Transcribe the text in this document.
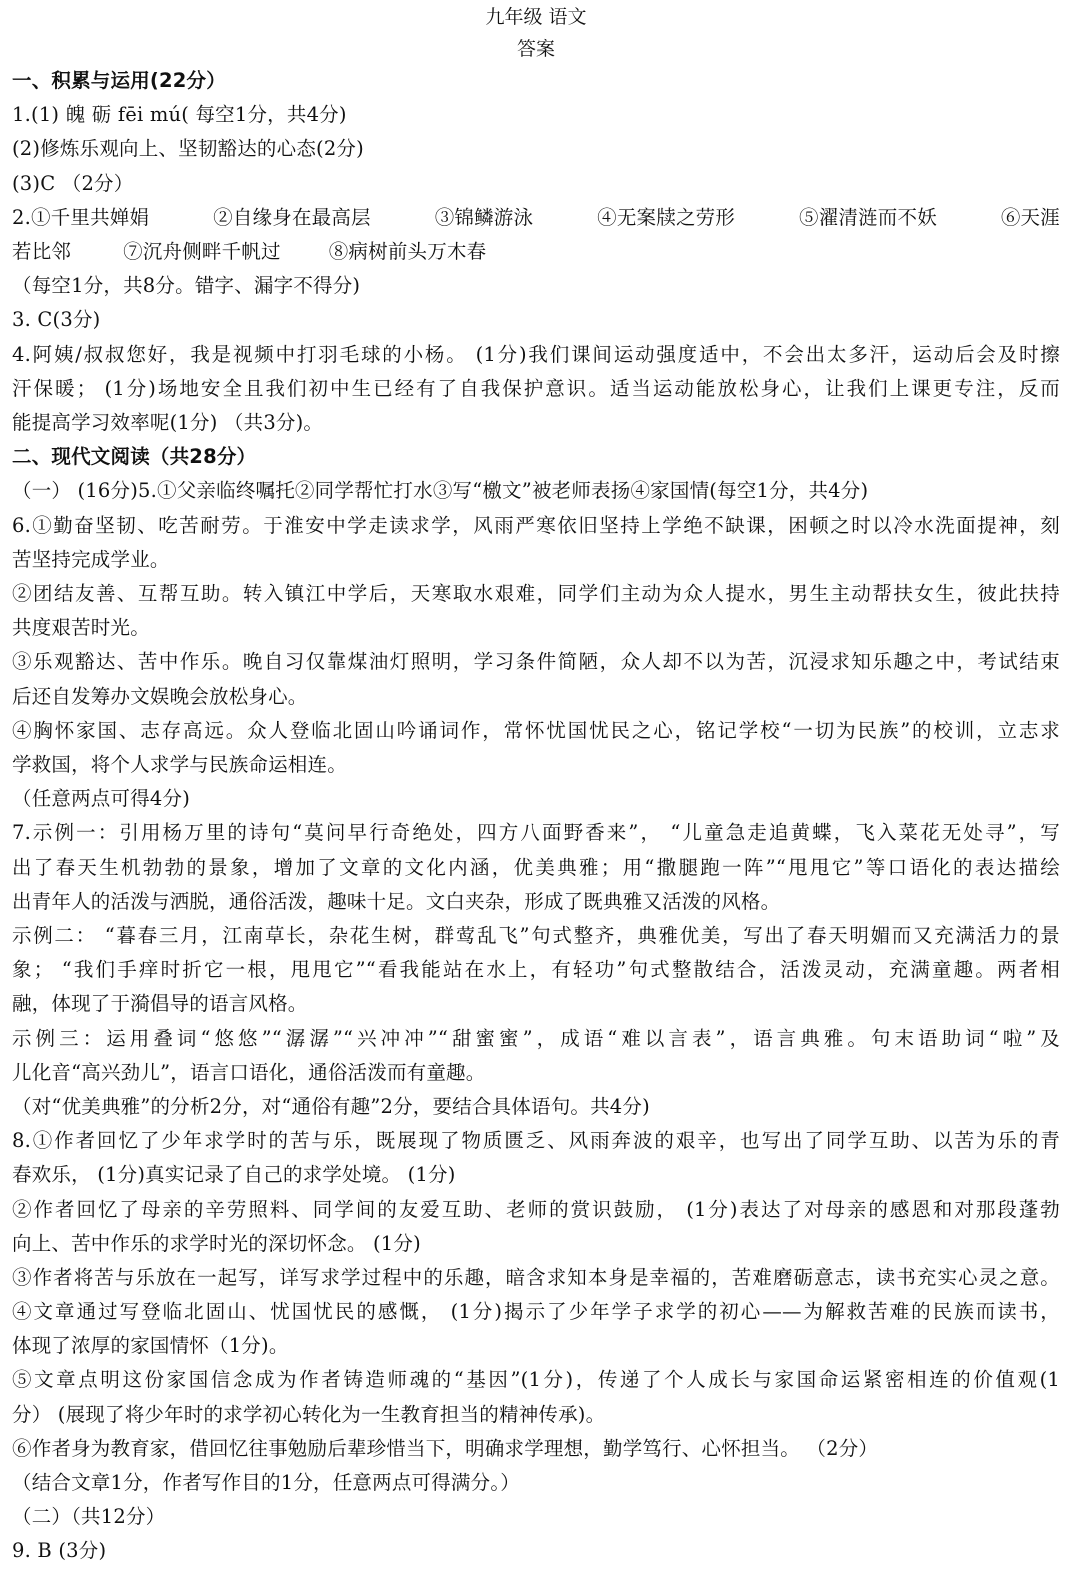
九年级 语文
答案
一、积累与运用(22分）
1.(1) 魄 砺 fēi mú( 每空1分，共4分)
(2)修炼乐观向上、坚韧豁达的心态(2分)
(3)C （2分）
2.①千里共婵娟	②自缘身在最高层	③锦鳞游泳	④无案牍之劳形	⑤濯清涟而不妖	⑥天涯
若比邻	⑦沉舟侧畔千帆过 ⑧病树前头万木春
（每空1分，共8分。错字、漏字不得分)
3. C(3分)
4.阿姨/叔叔您好，我是视频中打羽毛球的小杨。 (1分)我们课间运动强度适中，不会出太多汗，运动后会及时擦
汗保暖； (1分)场地安全且我们初中生已经有了自我保护意识。适当运动能放松身心，让我们上课更专注，反而
能提高学习效率呢(1分) （共3分)。
二、现代文阅读（共28分）
（一） (16分)5.①父亲临终嘱托②同学帮忙打水③写“檄文”被老师表扬④家国情(每空1分，共4分)
6.①勤奋坚韧、吃苦耐劳。于淮安中学走读求学，风雨严寒依旧坚持上学绝不缺课，困顿之时以冷水洗面提神，刻
苦坚持完成学业。
②团结友善、互帮互助。转入镇江中学后，天寒取水艰难，同学们主动为众人提水，男生主动帮扶女生，彼此扶持
共度艰苦时光。
③乐观豁达、苦中作乐。晚自习仅靠煤油灯照明，学习条件简陋，众人却不以为苦，沉浸求知乐趣之中，考试结束
后还自发筹办文娱晚会放松身心。
④胸怀家国、志存高远。众人登临北固山吟诵词作，常怀忧国忧民之心，铭记学校“一切为民族”的校训，立志求
学救国，将个人求学与民族命运相连。
（任意两点可得4分)
7.示例一：引用杨万里的诗句“莫问早行奇绝处，四方八面野香来”， “儿童急走追黄蝶，飞入菜花无处寻”，写
出了春天生机勃勃的景象，增加了文章的文化内涵，优美典雅；用“撒腿跑一阵”“甩甩它”等口语化的表达描绘
出青年人的活泼与洒脱，通俗活泼，趣味十足。文白夹杂，形成了既典雅又活泼的风格。
示例二： “暮春三月，江南草长，杂花生树，群莺乱飞”句式整齐，典雅优美，写出了春天明媚而又充满活力的景
象； “我们手痒时折它一根，甩甩它”“看我能站在水上，有轻功”句式整散结合，活泼灵动，充满童趣。两者相
融，体现了于漪倡导的语言风格。
示例三：运用叠词“悠悠”“潺潺”“兴冲冲”“甜蜜蜜”，成语“难以言表”，语言典雅。句末语助词“啦”及
儿化音“高兴劲儿”，语言口语化，通俗活泼而有童趣。
（对“优美典雅”的分析2分，对“通俗有趣”2分，要结合具体语句。共4分)
8.①作者回忆了少年求学时的苦与乐，既展现了物质匮乏、风雨奔波的艰辛，也写出了同学互助、以苦为乐的青
春欢乐， (1分)真实记录了自己的求学处境。 (1分)
②作者回忆了母亲的辛劳照料、同学间的友爱互助、老师的赏识鼓励， (1分)表达了对母亲的感恩和对那段蓬勃
向上、苦中作乐的求学时光的深切怀念。 (1分)
③作者将苦与乐放在一起写，详写求学过程中的乐趣，暗含求知本身是幸福的，苦难磨砺意志，读书充实心灵之意。
④文章通过写登临北固山、忧国忧民的感慨， (1分)揭示了少年学子求学的初心——为解救苦难的民族而读书，
体现了浓厚的家国情怀（1分)。
⑤文章点明这份家国信念成为作者铸造师魂的“基因”(1分)，传递了个人成长与家国命运紧密相连的价值观(1
分） (展现了将少年时的求学初心转化为一生教育担当的精神传承)。
⑥作者身为教育家，借回忆往事勉励后辈珍惜当下，明确求学理想，勤学笃行、心怀担当。 （2分）
（结合文章1分，作者写作目的1分，任意两点可得满分。）
（二）（共12分）
9. B (3分)
